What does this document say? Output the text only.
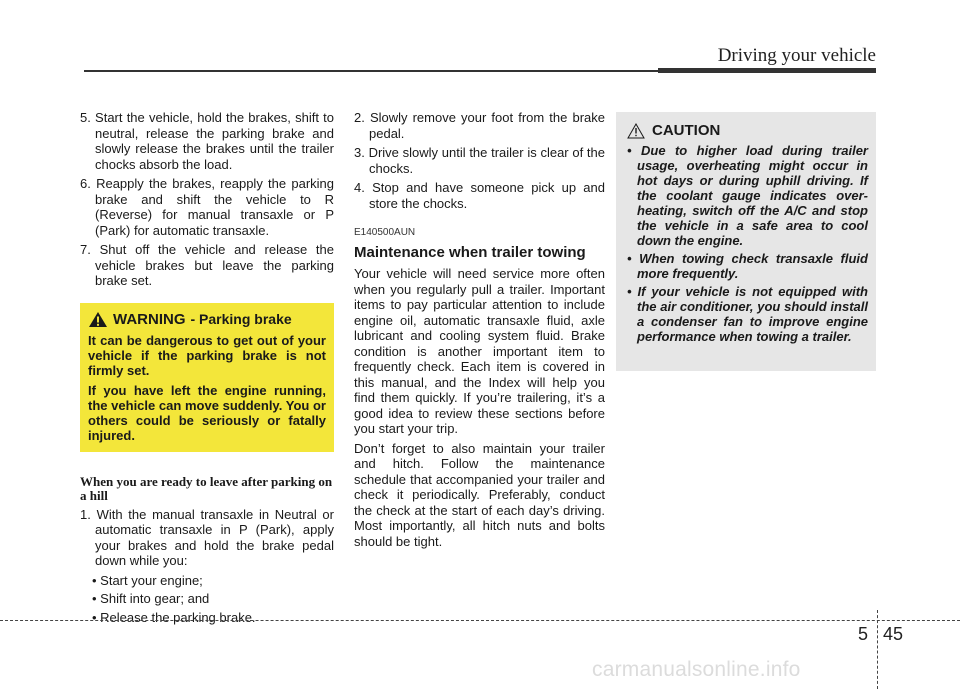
Driving your vehicle

5. Start the vehicle, hold the brakes, shift to neutral, release the parking brake and slowly release the brakes until the trailer chocks absorb the load.

6. Reapply the brakes, reapply the parking brake and shift the vehicle to R (Reverse) for manual transaxle or P (Park) for automatic transaxle.

7. Shut off the vehicle and release the vehicle brakes but leave the parking brake set.

WARNING - Parking brake

It can be dangerous to get out of your vehicle if the parking brake is not firmly set.

If you have left the engine running, the vehicle can move suddenly. You or others could be seriously or fatally injured.

When you are ready to leave after parking on a hill

1. With the manual transaxle in Neutral or automatic transaxle in P (Park), apply your brakes and hold the brake pedal down while you:

• Start your engine;

• Shift into gear; and

• Release the parking brake.

2. Slowly remove your foot from the brake pedal.

3. Drive slowly until the trailer is clear of the chocks.

4. Stop and have someone pick up and store the chocks.

E140500AUN
Maintenance when trailer towing

Your vehicle will need service more often when you regularly pull a trailer. Important items to pay particular attention to include engine oil, automatic transaxle fluid, axle lubricant and cooling system fluid. Brake condition is another important item to frequently check. Each item is covered in this manual, and the Index will help you find them quickly. If you’re trailering, it’s a good idea to review these sections before you start your trip.

Don’t forget to also maintain your trailer and hitch. Follow the maintenance schedule that accompanied your trailer and check it periodically. Preferably, conduct the check at the start of each day’s driving. Most importantly, all hitch nuts and bolts should be tight.

CAUTION
• Due to higher load during trailer usage, overheating might occur in hot days or during uphill driving. If the coolant gauge indicates over-heating, switch off the A/C and stop the vehicle in a safe area to cool down the engine.
• When towing check transaxle fluid more frequently.
• If your vehicle is not equipped with the air conditioner, you should install a condenser fan to improve engine performance when towing a trailer.
5 45
carmanualsonline.info
